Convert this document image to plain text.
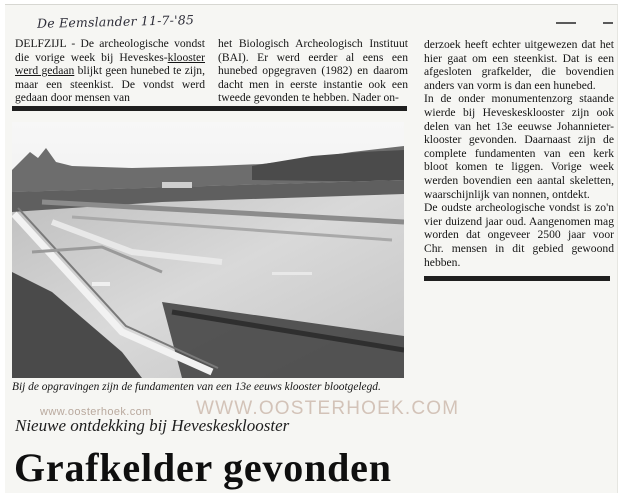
De Eemslander 11-7-'85

DELFZIJL - De archeologische vondst die vorige week bij Heveskes-klooster werd gedaan blijkt geen hunebed te zijn, maar een steenkist. De vondst werd gedaan door mensen van

het Biologisch Archeologisch Instituut (BAI). Er werd eerder al eens een hunebed opgegraven (1982) en daarom dacht men in eerste instantie ook een tweede gevonden te hebben. Nader on-

derzoek heeft echter uitgewezen dat het hier gaat om een steenkist. Dat is een afgesloten grafkelder, die bovendien anders van vorm is dan een hunebed.

In de onder monumentenzorg staande wierde bij Heveskesklooster zijn ook delen van het 13e eeuwse Johannieter-klooster gevonden. Daarnaast zijn de complete fundamenten van een kerk bloot komen te liggen. Vorige week werden bovendien een aantal skeletten, waarschijnlijk van nonnen, ontdekt.

De oudste archeologische vondst is zo'n vier duizend jaar oud. Aangenomen mag worden dat ongeveer 2500 jaar voor Chr. mensen in dit gebied gewoond hebben.

Bij de opgravingen zijn de fundamenten van een 13e eeuws klooster blootgelegd.
www.oosterhoek.com WWW.OOSTERHOEK.COM
Nieuwe ontdekking bij Heveskesklooster
Grafkelder gevonden
